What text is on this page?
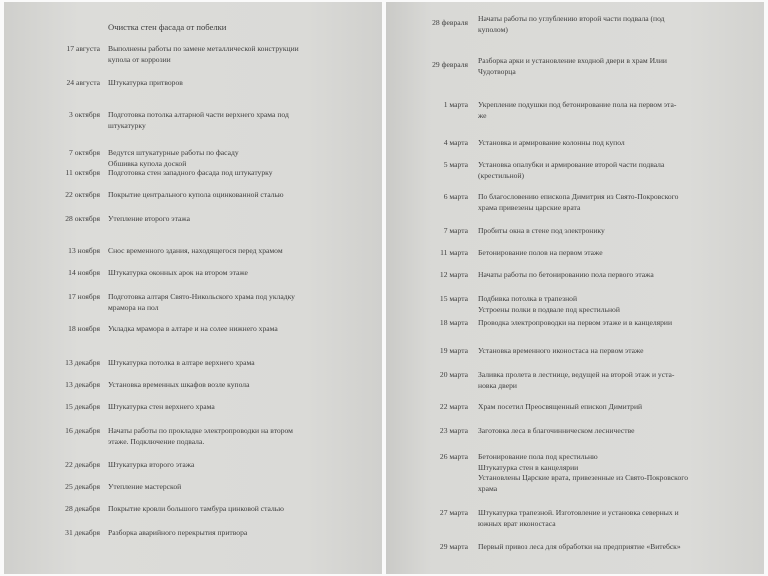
Очистка стен фасада от побелки
17 августа Выполнены работы по замене металлической конструкции
купола от коррозии
24 августа Штукатурка притворов
3 октября Подготовка потолка алтарной части верхнего храма под
штукатурку
7 октября Ведутся штукатурные работы по фасаду
Обшивка купола доской
11 октября Подготовка стен западного фасада под штукатурку
22 октября Покрытие центрального купола оцинкованной сталью
28 октября Утепление второго этажа
13 ноября Снос временного здания, находящегося перед храмом
14 ноября Штукатурка оконных арок на втором этаже
17 ноября Подготовка алтаря Свято-Никольского храма под укладку
мрамора на пол
18 ноября Укладка мрамора в алтаре и на солее нижнего храма
13 декабря Штукатурка потолка в алтаре верхнего храма
13 декабря Установка временных шкафов возле купола
15 декабря Штукатурка стен верхнего храма
16 декабря Начаты работы по прокладке электропроводки на втором
этаже. Подключение подвала.
22 декабря Штукатурка второго этажа
25 декабря Утепление мастерской
28 декабря Покрытие кровли большого тамбура цинковой сталью
31 декабря Разборка аварийного перекрытия притвора
28 февраля Начаты работы по углублению второй части подвала (под
куполом)
29 февраля Разборка арки и установление входной двери в храм Илии
Чудотворца
1 марта Укрепление подушки под бетонирование пола на первом эта-
же
4 марта Установка и армирование колонны под купол
5 марта Установка опалубки и армирование второй части подвала
(крестильной)
6 марта По благословению епископа Димитрия из Свято-Покровского
храма привезены царские врата
7 марта Пробиты окна в стене под электронику
11 марта Бетонирование полов на первом этаже
12 марта Начаты работы по бетонированию пола первого этажа
15 марта Подбивка потолка в трапезной
Устроены полки в подвале под крестильной
18 марта Проводка электропроводки на первом этаже и в канцелярии
19 марта Установка временного иконостаса на первом этаже
20 марта Заливка пролета в лестнице, ведущей на второй этаж и уста-
новка двери
22 марта Храм посетил Преосвященный епископ Димитрий
23 марта Заготовка леса в благочинническом лесничестве
26 марта Бетонирование пола под крестильню
Штукатурка стен в канцелярии
Установлены Царские врата, привезенные из Свято-Покровского
храма
27 марта Штукатурка трапезной. Изготовление и установка северных и
южных врат иконостаса
29 марта Первый привоз леса для обработки на предприятие «Витебск»
